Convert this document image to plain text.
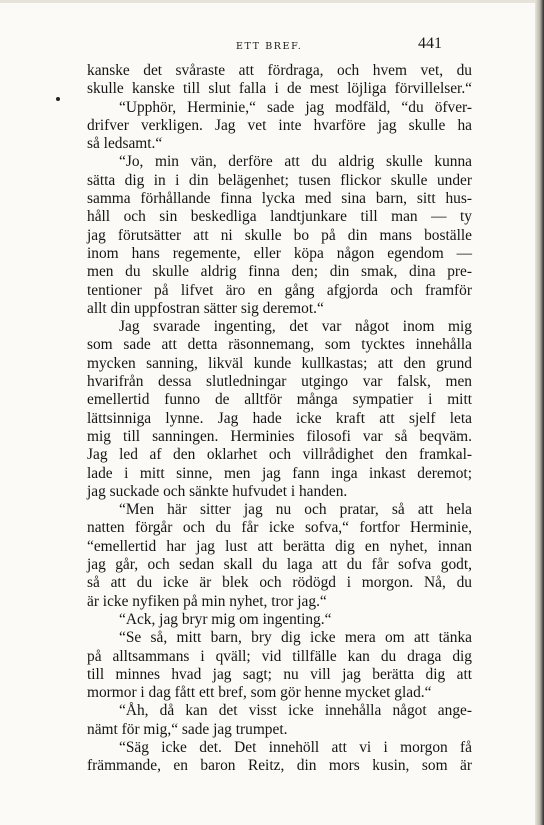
ETT BREF.	441
kanske det svåraste att fördraga, och hvem vet, du
skulle kanske till slut falla i de mest löjliga förvillelser.“
“Upphör, Herminie,“ sade jag modfäld, “du öfver-
drifver verkligen. Jag vet inte hvarföre jag skulle ha
så ledsamt.“
“Jo, min vän, derföre att du aldrig skulle kunna
sätta dig in i din belägenhet; tusen flickor skulle under
samma förhållande finna lycka med sina barn, sitt hus-
håll och sin beskedliga landtjunkare till man — ty
jag förutsätter att ni skulle bo på din mans boställe
inom hans regemente, eller köpa någon egendom —
men du skulle aldrig finna den; din smak, dina pre-
tentioner på lifvet äro en gång afgjorda och framför
allt din uppfostran sätter sig deremot.“
Jag svarade ingenting, det var något inom mig
som sade att detta räsonnemang, som tycktes innehålla
mycken sanning, likväl kunde kullkastas; att den grund
hvarifrån dessa slutledningar utgingo var falsk, men
emellertid funno de alltför många sympatier i mitt
lättsinniga lynne. Jag hade icke kraft att sjelf leta
mig till sanningen. Herminies filosofi var så beqväm.
Jag led af den oklarhet och villrådighet den framkal-
lade i mitt sinne, men jag fann inga inkast deremot;
jag suckade och sänkte hufvudet i handen.
“Men här sitter jag nu och pratar, så att hela
natten förgår och du får icke sofva,“ fortfor Herminie,
“emellertid har jag lust att berätta dig en nyhet, innan
jag går, och sedan skall du laga att du får sofva godt,
så att du icke är blek och rödögd i morgon. Nå, du
är icke nyfiken på min nyhet, tror jag.“
“Ack, jag bryr mig om ingenting.“
“Se så, mitt barn, bry dig icke mera om att tänka
på alltsammans i qväll; vid tillfälle kan du draga dig
till minnes hvad jag sagt; nu vill jag berätta dig att
mormor i dag fått ett bref, som gör henne mycket glad.“
“Åh, då kan det visst icke innehålla något ange-
nämt för mig,“ sade jag trumpet.
“Säg icke det. Det innehöll att vi i morgon få
främmande, en baron Reitz, din mors kusin, som är
